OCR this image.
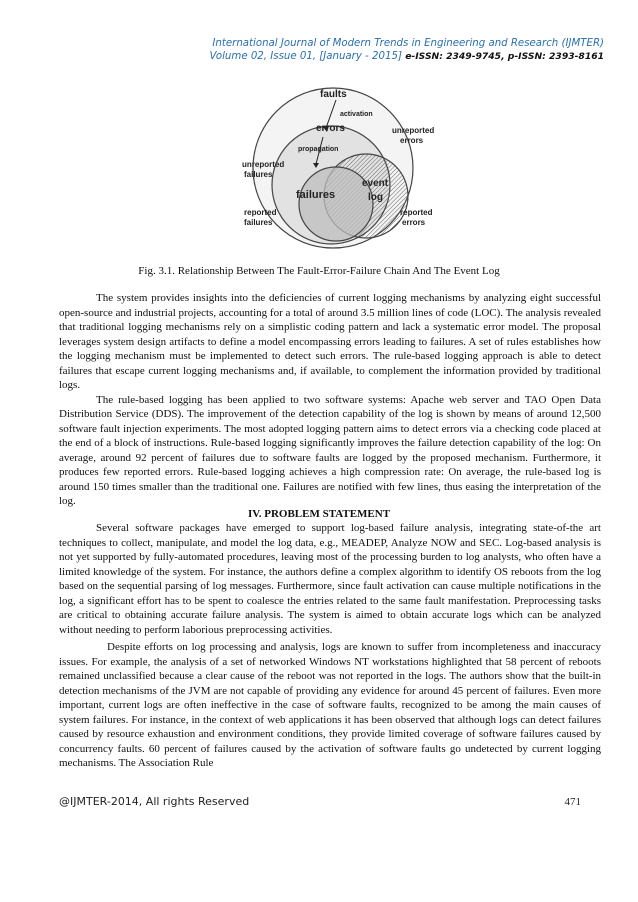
International Journal of Modern Trends in Engineering and Research (IJMTER)
Volume 02, Issue 01, [January - 2015] e-ISSN: 2349-9745, p-ISSN: 2393-8161
faults
activation
errors
propagation
unreported
errors
unreported
failures
failures
event
log
reported
failures
reported
errors
Fig. 3.1. Relationship Between The Fault-Error-Failure Chain And The Event Log

The system provides insights into the deficiencies of current logging mechanisms by analyzing eight successful open-source and industrial projects, accounting for a total of around 3.5 million lines of code (LOC). The analysis revealed that traditional logging mechanisms rely on a simplistic coding pattern and lack a systematic error model. The proposal leverages system design artifacts to define a model encompassing errors leading to failures. A set of rules establishes how the logging mechanism must be implemented to detect such errors. The rule-based logging approach is able to detect failures that escape current logging mechanisms and, if available, to complement the information provided by traditional logs.

The rule-based logging has been applied to two software systems: Apache web server and TAO Open Data Distribution Service (DDS). The improvement of the detection capability of the log is shown by means of around 12,500 software fault injection experiments. The most adopted logging pattern aims to detect errors via a checking code placed at the end of a block of instructions. Rule-based logging significantly improves the failure detection capability of the log: On average, around 92 percent of failures due to software faults are logged by the proposed mechanism. Furthermore, it produces few reported errors. Rule-based logging achieves a high compression rate: On average, the rule-based log is around 150 times smaller than the traditional one. Failures are notified with few lines, thus easing the interpretation of the log.

IV. PROBLEM STATEMENT

Several software packages have emerged to support log-based failure analysis, integrating state-of-the art techniques to collect, manipulate, and model the log data, e.g., MEADEP, Analyze NOW and SEC. Log-based analysis is not yet supported by fully-automated procedures, leaving most of the processing burden to log analysts, who often have a limited knowledge of the system. For instance, the authors define a complex algorithm to identify OS reboots from the log based on the sequential parsing of log messages. Furthermore, since fault activation can cause multiple notifications in the log, a significant effort has to be spent to coalesce the entries related to the same fault manifestation. Preprocessing tasks are critical to obtaining accurate failure analysis. The system is aimed to obtain accurate logs which can be analyzed without needing to perform laborious preprocessing activities.

Despite efforts on log processing and analysis, logs are known to suffer from incompleteness and inaccuracy issues. For example, the analysis of a set of networked Windows NT workstations highlighted that 58 percent of reboots remained unclassified because a clear cause of the reboot was not reported in the logs. The authors show that the built-in detection mechanisms of the JVM are not capable of providing any evidence for around 45 percent of failures. Even more important, current logs are often ineffective in the case of software faults, recognized to be among the main causes of system failures. For instance, in the context of web applications it has been observed that although logs can detect failures caused by resource exhaustion and environment conditions, they provide limited coverage of software failures caused by concurrency faults. 60 percent of failures caused by the activation of software faults go undetected by current logging mechanisms. The Association Rule

@IJMTER-2014, All rights Reserved	471
